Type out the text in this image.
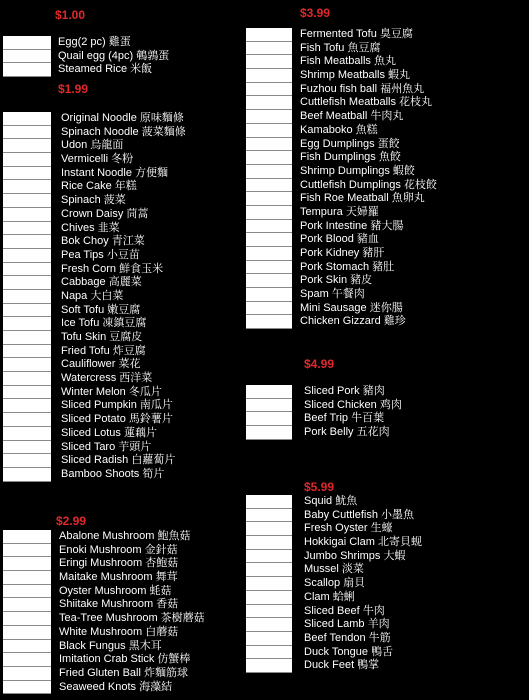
$1.00
Egg(2 pc) 雞蛋
Quail egg (4pc) 鵪鶉蛋
Steamed Rice 米飯
$1.99
Original Noodle 原味麵條
Spinach Noodle 菠菜麵條
Udon 烏龍面
Vermicelli 冬粉
Instant Noodle 方便麵
Rice Cake 年糕
Spinach 菠菜
Crown Daisy 茼蒿
Chives 韭菜
Bok Choy 青江菜
Pea Tips 小豆苗
Fresh Corn 鮮食玉米
Cabbage 高麗菜
Napa 大白菜
Soft Tofu 嫩豆腐
Ice Tofu 凍鎮豆腐
Tofu Skin 豆腐皮
Fried Tofu 炸豆腐
Cauliflower 菜花
Watercress 西洋菜
Winter Melon 冬瓜片
Sliced Pumpkin 南瓜片
Sliced Potato 馬鈴薯片
Sliced Lotus 蓮藕片
Sliced Taro 芋頭片
Sliced Radish 白蘿蔔片
Bamboo Shoots 筍片
$2.99
Abalone Mushroom 鮑魚菇
Enoki Mushroom 金針菇
Eringi Mushroom 杏鮑菇
Maitake Mushroom 舞茸
Oyster Mushroom 蚝菇
Shiitake Mushroom 香菇
Tea-Tree Mushroom 茶樹蘑菇
White Mushroom 白蘑菇
Black Fungus 黑木耳
Imitation Crab Stick 仿蟹棒
Fried Gluten Ball 炸麵筋球
Seaweed Knots 海藻結
$3.99
Fermented Tofu 臭豆腐
Fish Tofu 魚豆腐
Fish Meatballs 魚丸
Shrimp Meatballs 蝦丸
Fuzhou fish ball 福州魚丸
Cuttlefish Meatballs 花枝丸
Beef Meatball 牛肉丸
Kamaboko 魚糕
Egg Dumplings 蛋餃
Fish Dumplings 魚餃
Shrimp Dumplings 蝦餃
Cuttlefish Dumplings 花枝餃
Fish Roe Meatball 魚卵丸
Tempura 天婦羅
Pork Intestine 豬大腸
Pork Blood 豬血
Pork Kidney 豬肝
Pork Stomach 豬肚
Pork Skin 豬皮
Spam 午餐肉
Mini Sausage 迷你腸
Chicken Gizzard 雞珍
$4.99
Sliced Pork 豬肉
Sliced Chicken 鸡肉
Beef Trip 牛百葉
Pork Belly 五花肉
$5.99
Squid 魷魚
Baby Cuttlefish 小墨魚
Fresh Oyster 生蠔
Hokkigai Clam 北寄貝蚬
Jumbo Shrimps 大蝦
Mussel 淡菜
Scallop 扇貝
Clam 蛤蜊
Sliced Beef 牛肉
Sliced Lamb 羊肉
Beef Tendon 牛筋
Duck Tongue 鴨舌
Duck Feet 鴨掌
